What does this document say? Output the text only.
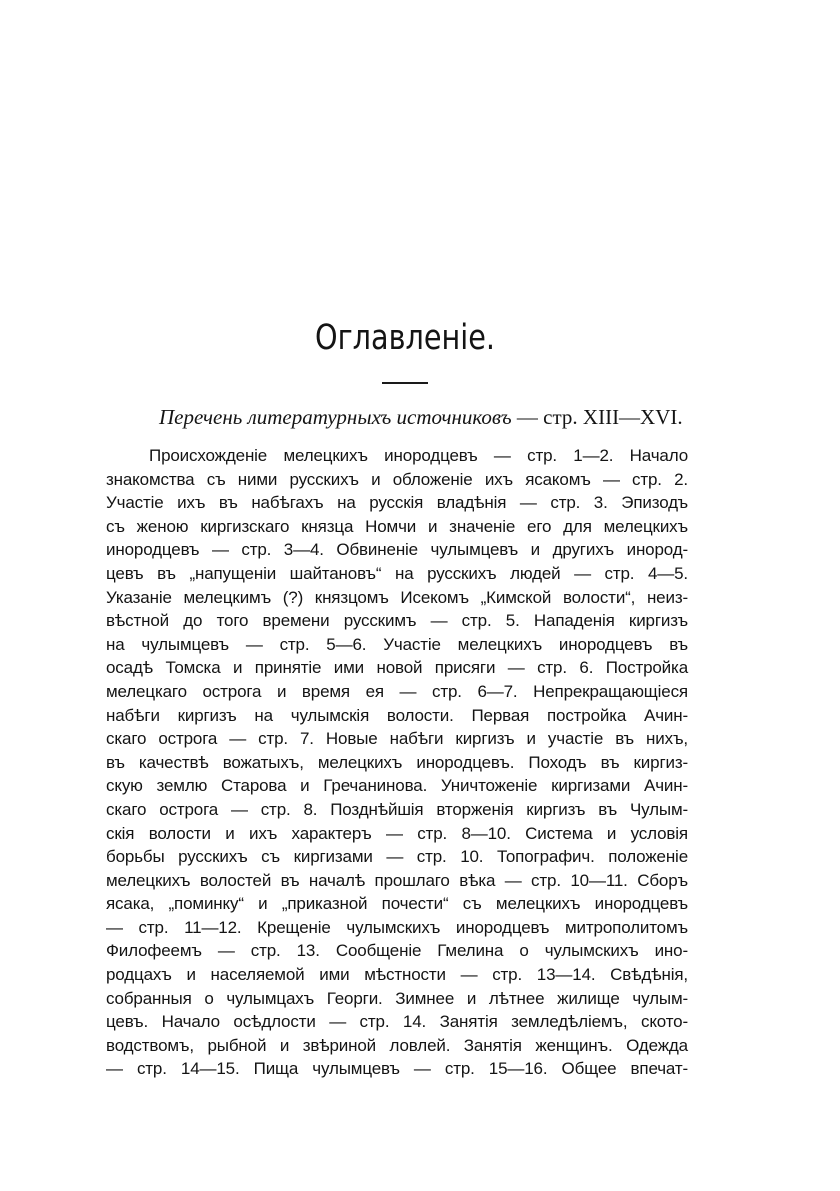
Оглавленіе.

Перечень литературныхъ источниковъ — стр. XIII—XVI.

Происхожденіе мелецкихъ инородцевъ — стр. 1—2. Начало
знакомства съ ними русскихъ и обложеніе ихъ ясакомъ — стр. 2.
Участіе ихъ въ набѣгахъ на русскія владѣнія — стр. 3. Эпизодъ
съ женою киргизскаго князца Номчи и значеніе его для мелецкихъ
инородцевъ — стр. 3—4. Обвиненіе чулымцевъ и другихъ инород-
цевъ въ „напущеніи шайтановъ“ на русскихъ людей — стр. 4—5.
Указаніе мелецкимъ (?) князцомъ Исекомъ „Кимской волости“, неиз-
вѣстной до того времени русскимъ — стр. 5. Нападенія киргизъ
на чулымцевъ — стр. 5—6. Участіе мелецкихъ инородцевъ въ
осадѣ Томска и принятіе ими новой присяги — стр. 6. Постройка
мелецкаго острога и время ея — стр. 6—7. Непрекращающіеся
набѣги киргизъ на чулымскія волости. Первая постройка Ачин-
скаго острога — стр. 7. Новые набѣги киргизъ и участіе въ нихъ,
въ качествѣ вожатыхъ, мелецкихъ инородцевъ. Походъ въ киргиз-
скую землю Старова и Гречанинова. Уничтоженіе киргизами Ачин-
скаго острога — стр. 8. Позднѣйшія вторженія киргизъ въ Чулым-
скія волости и ихъ характеръ — стр. 8—10. Система и условія
борьбы русскихъ съ киргизами — стр. 10. Топографич. положеніе
мелецкихъ волостей въ началѣ прошлаго вѣка — стр. 10—11. Сборъ
ясака, „поминку“ и „приказной почести“ съ мелецкихъ инородцевъ
— стр. 11—12. Крещеніе чулымскихъ инородцевъ митрополитомъ
Филофеемъ — стр. 13. Сообщеніе Гмелина о чулымскихъ ино-
родцахъ и населяемой ими мѣстности — стр. 13—14. Свѣдѣнія,
собранныя о чулымцахъ Георги. Зимнее и лѣтнее жилище чулым-
цевъ. Начало осѣдлости — стр. 14. Занятія земледѣліемъ, ското-
водствомъ, рыбной и звѣриной ловлей. Занятія женщинъ. Одежда
— стр. 14—15. Пища чулымцевъ — стр. 15—16. Общее впечат-
